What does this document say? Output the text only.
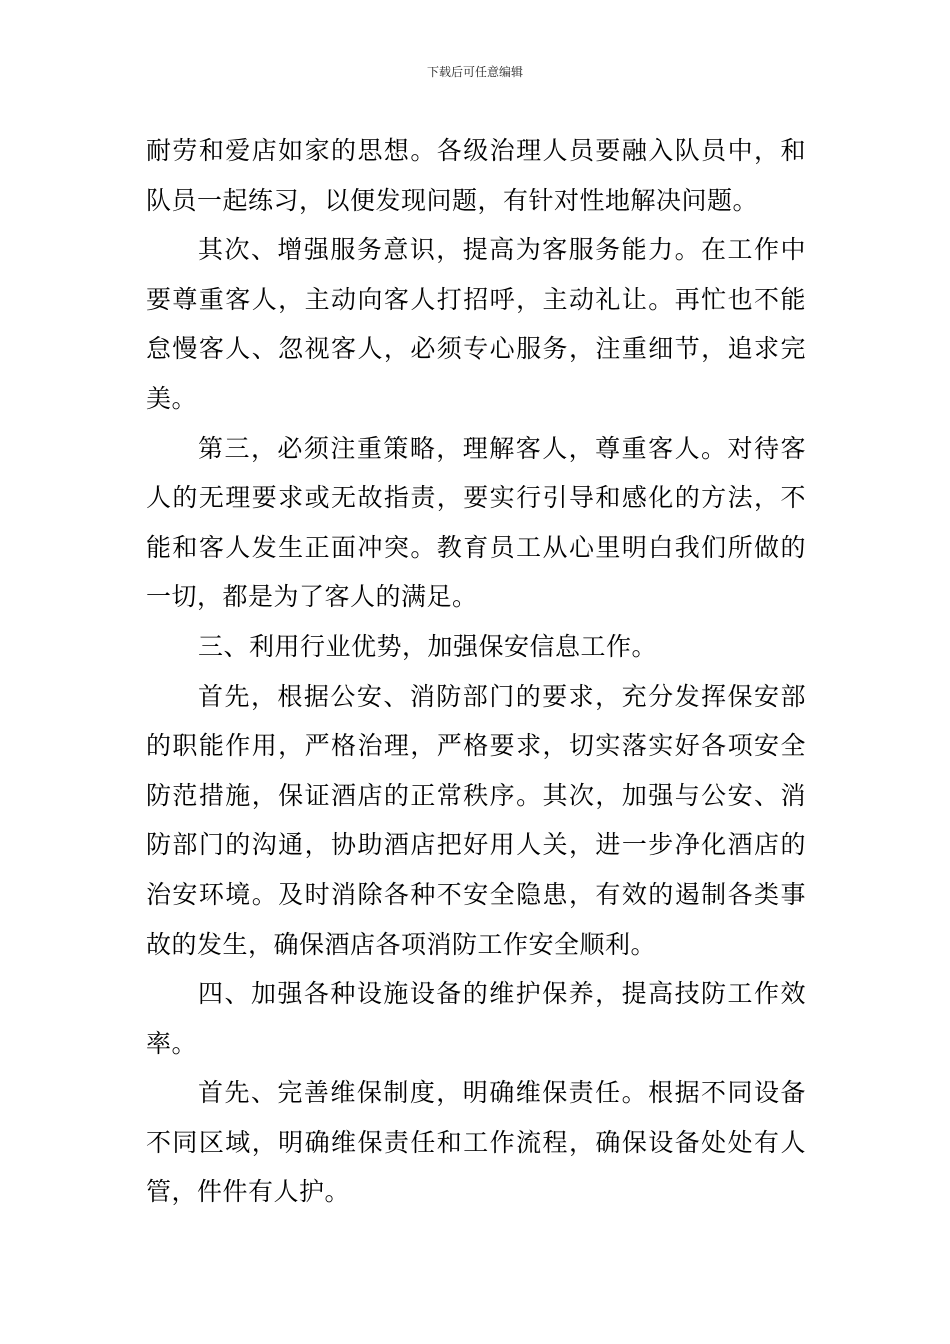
下载后可任意编辑

耐劳和爱店如家的思想。各级治理人员要融入队员中，和队员一起练习，以便发现问题，有针对性地解决问题。

其次、增强服务意识，提高为客服务能力。在工作中要尊重客人，主动向客人打招呼，主动礼让。再忙也不能怠慢客人、忽视客人，必须专心服务，注重细节，追求完美。

第三，必须注重策略，理解客人，尊重客人。对待客人的无理要求或无故指责，要实行引导和感化的方法，不能和客人发生正面冲突。教育员工从心里明白我们所做的一切，都是为了客人的满足。

三、利用行业优势，加强保安信息工作。

首先，根据公安、消防部门的要求，充分发挥保安部的职能作用，严格治理，严格要求，切实落实好各项安全防范措施，保证酒店的正常秩序。其次，加强与公安、消防部门的沟通，协助酒店把好用人关，进一步净化酒店的治安环境。及时消除各种不安全隐患，有效的遏制各类事故的发生，确保酒店各项消防工作安全顺利。

四、加强各种设施设备的维护保养，提高技防工作效率。

首先、完善维保制度，明确维保责任。根据不同设备不同区域，明确维保责任和工作流程，确保设备处处有人管，件件有人护。
